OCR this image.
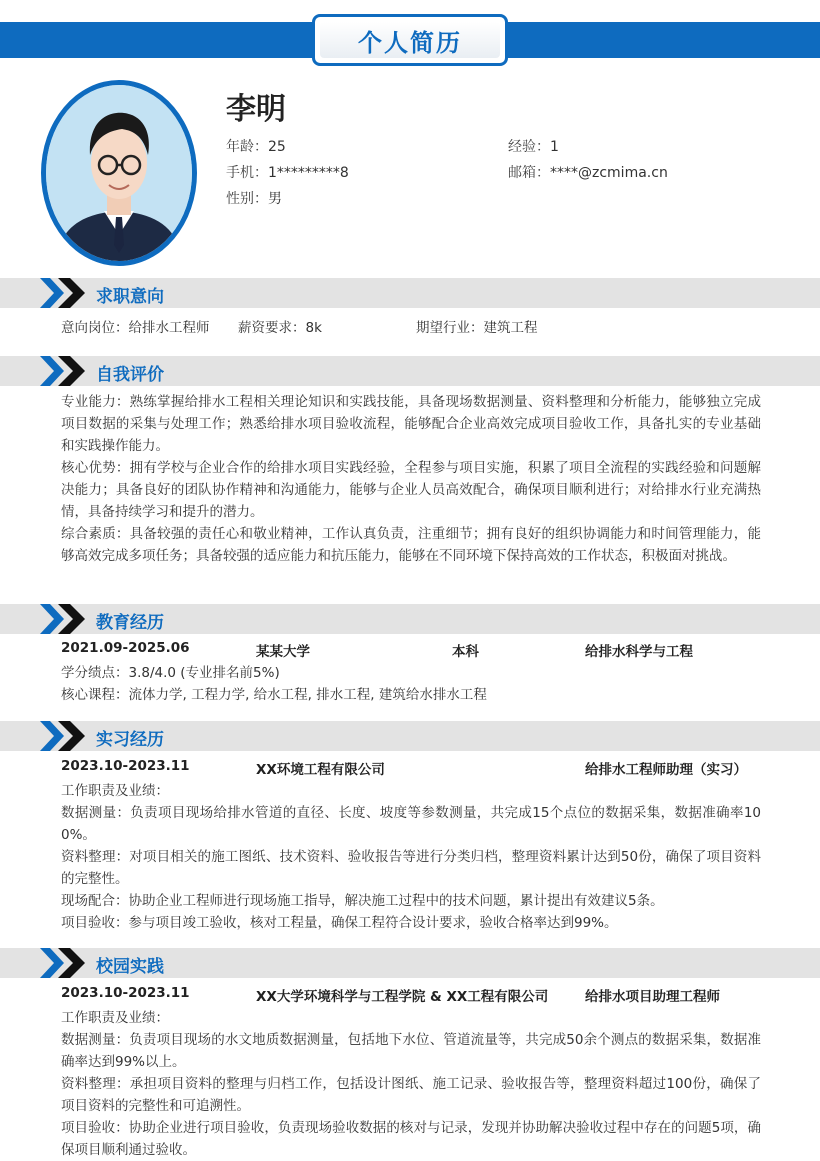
个人简历
李明
年龄：25	经验：1
手机：1*********8	邮箱：****@zcmima.cn
性别：男
求职意向
意向岗位：给排水工程师 薪资要求：8k	期望行业：建筑工程
自我评价
专业能力：熟练掌握给排水工程相关理论知识和实践技能，具备现场数据测量、资料整理和分析能力，能够独立完成项目数据的采集与处理工作；熟悉给排水项目验收流程，能够配合企业高效完成项目验收工作，具备扎实的专业基础和实践操作能力。
核心优势：拥有学校与企业合作的给排水项目实践经验，全程参与项目实施，积累了项目全流程的实践经验和问题解决能力；具备良好的团队协作精神和沟通能力，能够与企业人员高效配合，确保项目顺利进行；对给排水行业充满热情，具备持续学习和提升的潜力。
综合素质：具备较强的责任心和敬业精神，工作认真负责，注重细节；拥有良好的组织协调能力和时间管理能力，能够高效完成多项任务；具备较强的适应能力和抗压能力，能够在不同环境下保持高效的工作状态，积极面对挑战。
教育经历
2021.09-2025.06	某某大学	本科	给排水科学与工程
学分绩点：3.8/4.0 (专业排名前5%)
核心课程：流体力学, 工程力学, 给水工程, 排水工程, 建筑给水排水工程
实习经历
2023.10-2023.11	XX环境工程有限公司	给排水工程师助理（实习）
工作职责及业绩：
数据测量：负责项目现场给排水管道的直径、长度、坡度等参数测量，共完成15个点位的数据采集，数据准确率100%。
资料整理：对项目相关的施工图纸、技术资料、验收报告等进行分类归档，整理资料累计达到50份，确保了项目资料的完整性。
现场配合：协助企业工程师进行现场施工指导，解决施工过程中的技术问题，累计提出有效建议5条。
项目验收：参与项目竣工验收，核对工程量，确保工程符合设计要求，验收合格率达到99%。
校园实践
2023.10-2023.11	XX大学环境科学与工程学院 & XX工程有限公司	给排水项目助理工程师
工作职责及业绩：
数据测量：负责项目现场的水文地质数据测量，包括地下水位、管道流量等，共完成50余个测点的数据采集，数据准确率达到99%以上。
资料整理：承担项目资料的整理与归档工作，包括设计图纸、施工记录、验收报告等，整理资料超过100份，确保了项目资料的完整性和可追溯性。
项目验收：协助企业进行项目验收，负责现场验收数据的核对与记录，发现并协助解决验收过程中存在的问题5项，确保项目顺利通过验收。
